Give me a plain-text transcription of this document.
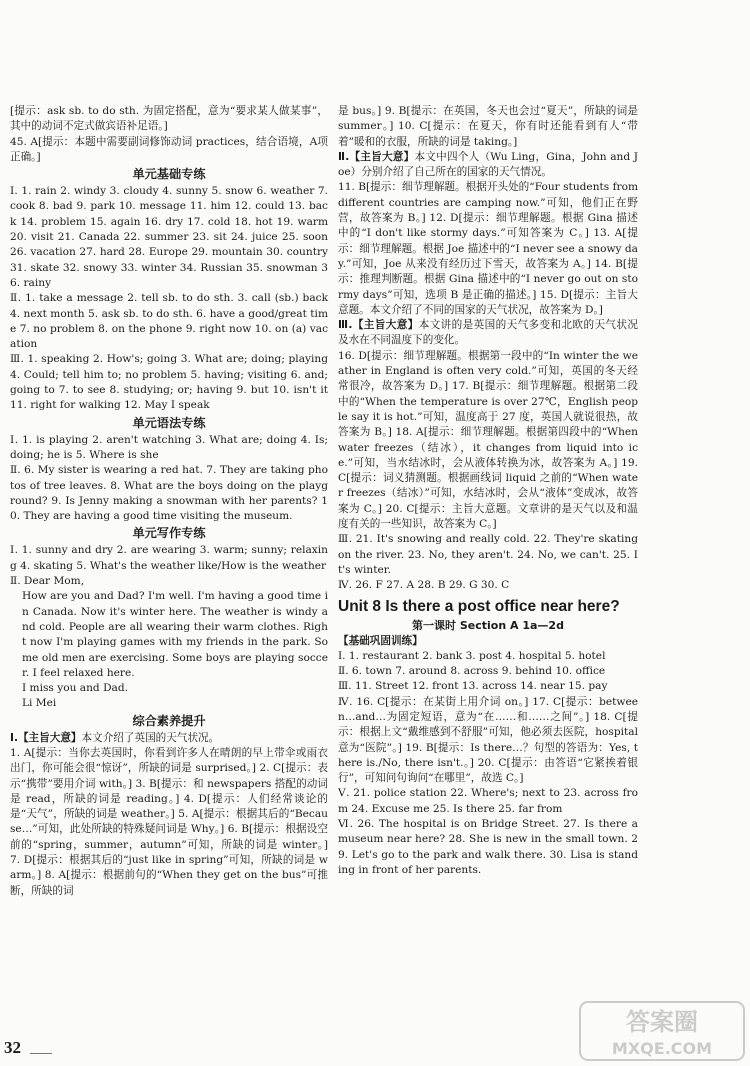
[提示：ask sb. to do sth. 为固定搭配，意为“要求某人做某事”，其中的动词不定式做宾语补足语。]

45. A[提示：本题中需要副词修饰动词 practices，结合语境，A项正确。]

单元基础专练

Ⅰ. 1. rain 2. windy 3. cloudy 4. sunny 5. snow 6. weather 7. cook 8. bad 9. park 10. message 11. him 12. could 13. back 14. problem 15. again 16. dry 17. cold 18. hot 19. warm 20. visit 21. Canada 22. summer 23. sit 24. juice 25. soon 26. vacation 27. hard 28. Europe 29. mountain 30. country 31. skate 32. snowy 33. winter 34. Russian 35. snowman 36. rainy

Ⅱ. 1. take a message 2. tell sb. to do sth. 3. call (sb.) back 4. next month 5. ask sb. to do sth. 6. have a good/great time 7. no problem 8. on the phone 9. right now 10. on (a) vacation

Ⅲ. 1. speaking 2. How's; going 3. What are; doing; playing 4. Could; tell him to; no problem 5. having; visiting 6. and; going to 7. to see 8. studying; or; having 9. but 10. isn't it 11. right for walking 12. May I speak

单元语法专练

Ⅰ. 1. is playing 2. aren't watching 3. What are; doing 4. Is; doing; he is 5. Where is she

Ⅱ. 6. My sister is wearing a red hat. 7. They are taking photos of tree leaves. 8. What are the boys doing on the playground? 9. Is Jenny making a snowman with her parents? 10. They are having a good time visiting the museum.

单元写作专练

Ⅰ. 1. sunny and dry 2. are wearing 3. warm; sunny; relaxing 4. skating 5. What's the weather like/How is the weather

Ⅱ. Dear Mom,

How are you and Dad? I'm well. I'm having a good time in Canada. Now it's winter here. The weather is windy and cold. People are all wearing their warm clothes. Right now I'm playing games with my friends in the park. Some old men are exercising. Some boys are playing soccer. I feel relaxed here.

I miss you and Dad.

Li Mei

综合素养提升

Ⅰ.【主旨大意】本文介绍了英国的天气状况。

1. A[提示：当你去英国时，你看到许多人在晴朗的早上带伞或雨衣出门，你可能会很“惊讶”，所缺的词是 surprised。] 2. C[提示：表示“携带”要用介词 with。] 3. B[提示：和 newspapers 搭配的动词是 read，所缺的词是 reading。] 4. D[提示：人们经常谈论的是“天气”，所缺的词是 weather。] 5. A[提示：根据其后的“Because…”可知，此处所缺的特殊疑问词是 Why。] 6. B[提示：根据设空前的“spring，summer，autumn”可知，所缺的词是 winter。] 7. D[提示：根据其后的“just like in spring”可知，所缺的词是 warm。] 8. A[提示：根据前句的“When they get on the bus”可推断，所缺的词

是 bus。] 9. B[提示：在英国，冬天也会过“夏天”，所缺的词是 summer。] 10. C[提示：在夏天，你有时还能看到有人“带着”暖和的衣服，所缺的词是 taking。]

Ⅱ.【主旨大意】本文中四个人（Wu Ling，Gina，John and Joe）分别介绍了自己所在的国家的天气情况。

11. B[提示：细节理解题。根据开头处的“Four students from different countries are camping now.”可知，他们正在野营，故答案为 B。] 12. D[提示：细节理解题。根据 Gina 描述中的“I don't like stormy days.”可知答案为 C。] 13. A[提示：细节理解题。根据 Joe 描述中的“I never see a snowy day.”可知，Joe 从来没有经历过下雪天，故答案为 A。] 14. B[提示：推理判断题。根据 Gina 描述中的“I never go out on stormy days”可知，选项 B 是正确的描述。] 15. D[提示：主旨大意题。本文介绍了不同的国家的天气状况，故答案为 D。]

Ⅲ.【主旨大意】本文讲的是英国的天气多变和北欧的天气状况及水在不同温度下的变化。

16. D[提示：细节理解题。根据第一段中的“In winter the weather in England is often very cold.”可知，英国的冬天经常很冷，故答案为 D。] 17. B[提示：细节理解题。根据第二段中的“When the temperature is over 27℃，English people say it is hot.”可知，温度高于 27 度，英国人就说很热，故答案为 B。] 18. A[提示：细节理解题。根据第四段中的“When water freezes（结冰），it changes from liquid into ice.”可知，当水结冰时，会从液体转换为冰，故答案为 A。] 19. C[提示：词义猜测题。根据画线词 liquid 之前的“When water freezes（结冰）”可知，水结冰时，会从“液体”变成冰，故答案为 C。] 20. C[提示：主旨大意题。文章讲的是天气以及和温度有关的一些知识，故答案为 C。]

Ⅲ. 21. It's snowing and really cold. 22. They're skating on the river. 23. No, they aren't. 24. No, we can't. 25. It's winter.

Ⅳ. 26. F 27. A 28. B 29. G 30. C

Unit 8 Is there a post office near here?
第一课时 Section A 1a—2d
【基础巩固训练】

Ⅰ. 1. restaurant 2. bank 3. post 4. hospital 5. hotel

Ⅱ. 6. town 7. around 8. across 9. behind 10. office

Ⅲ. 11. Street 12. front 13. across 14. near 15. pay

Ⅳ. 16. C[提示：在某街上用介词 on。] 17. C[提示：between…and…为固定短语，意为“在……和……之间”。] 18. C[提示：根据上文“戴维感到不舒服”可知，他必须去医院，hospital 意为“医院”。] 19. B[提示：Is there…？句型的答语为：Yes, there is./No, there isn't.。] 20. C[提示：由答语“它紧挨着银行”，可知问句询问“在哪里”，故选 C。]

Ⅴ. 21. police station 22. Where's; next to 23. across from 24. Excuse me 25. Is there 25. far from

Ⅵ. 26. The hospital is on Bridge Street. 27. Is there a museum near here? 28. She is new in the small town. 29. Let's go to the park and walk there. 30. Lisa is standing in front of her parents.

32
答案圈
MXQE.COM
